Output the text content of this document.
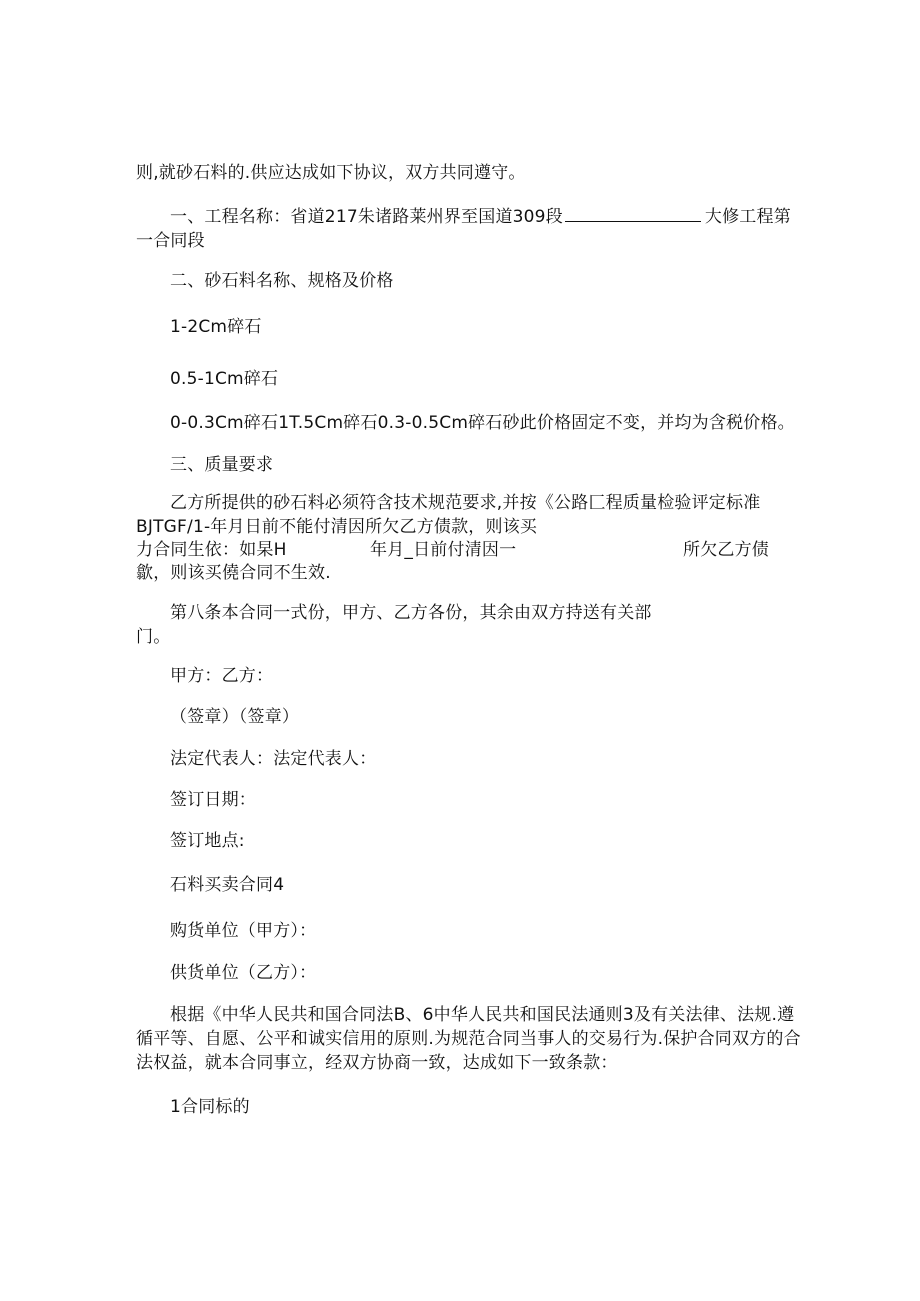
则,就砂石料的.供应达成如下协议，双方共同遵守。
一、工程名称：省道217朱诸路莱州界至国道309段	大修工程第
一合同段
二、砂石料名称、规格及价格
1-2Cm碎石
0.5-1Cm碎石
0-0.3Cm碎石1T.5Cm碎石0.3-0.5Cm碎石砂此价格固定不变，并均为含税价格。
三、质量要求
乙方所提供的砂石料必须符含技术规范要求,并按《公路匚程质量检验评定标准
BJTGF/1-年月日前不能付清因所欠乙方债款，则该买
力合同生依：如杲H	年月_日前付清因一	所欠乙方债
歙，则该买僥合同不生效.
第八条本合同一式份，甲方、乙方各份，其余由双方持送有关部
门。
甲方：乙方：
（签章）（签章）
法定代表人：法定代表人：
签订日期：
签订地点:
石料买卖合同4
购货单位（甲方）：
供货单位（乙方）：
根据《中华人民共和国合同法B、6中华人民共和国民法通则3及有关法律、法规.遵
循平等、自愿、公平和诚实信用的原则.为规范合同当事人的交易行为.保护合同双方的合
法权益，就本合同事立，经双方协商一致，达成如下一致条款：
1合同标的
